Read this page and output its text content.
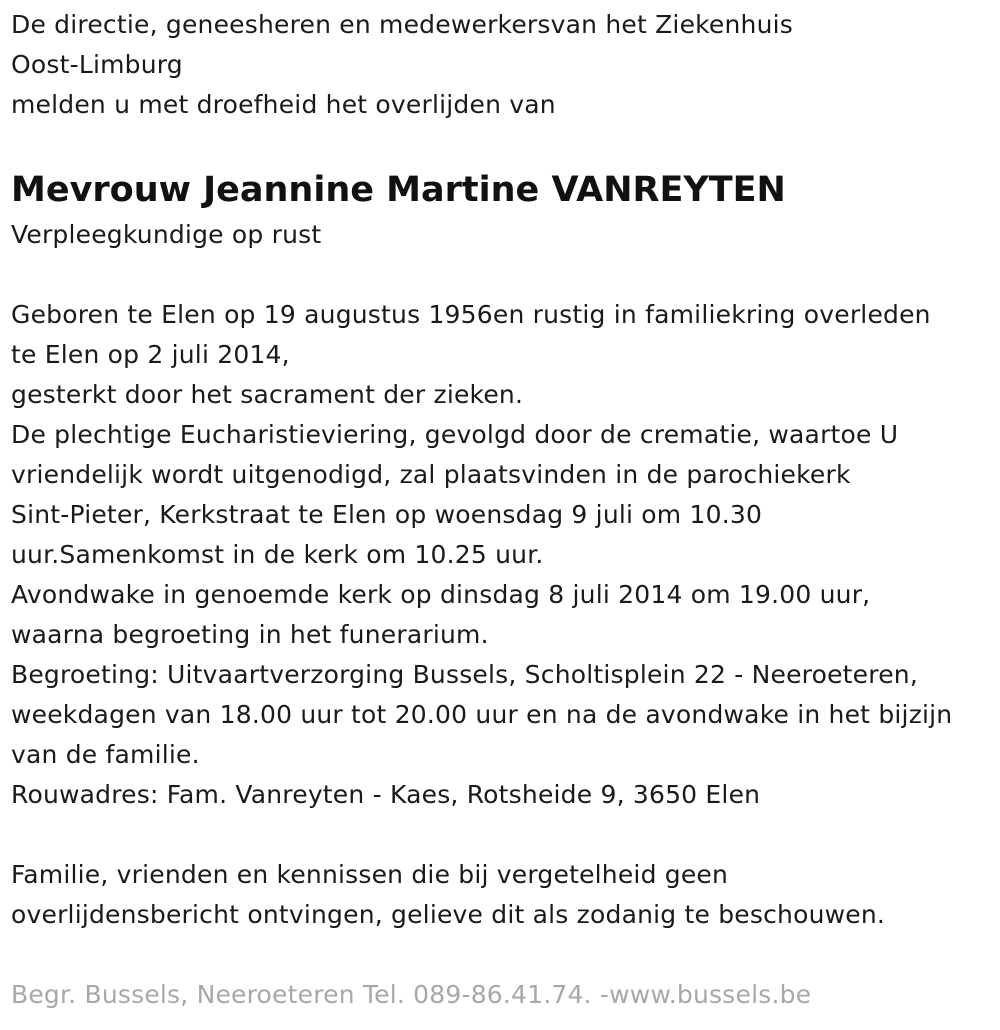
De directie, geneesheren en medewerkersvan het Ziekenhuis
Oost-Limburg
melden u met droefheid het overlijden van
Mevrouw Jeannine Martine VANREYTEN
Verpleegkundige op rust
Geboren te Elen op 19 augustus 1956en rustig in familiekring overleden
te Elen op 2 juli 2014,
gesterkt door het sacrament der zieken.
De plechtige Eucharistieviering, gevolgd door de crematie, waartoe U
vriendelijk wordt uitgenodigd, zal plaatsvinden in de parochiekerk
Sint-Pieter, Kerkstraat te Elen op woensdag 9 juli om 10.30
uur.Samenkomst in de kerk om 10.25 uur.
Avondwake in genoemde kerk op dinsdag 8 juli 2014 om 19.00 uur,
waarna begroeting in het funerarium.
Begroeting: Uitvaartverzorging Bussels, Scholtisplein 22 - Neeroeteren,
weekdagen van 18.00 uur tot 20.00 uur en na de avondwake in het bijzijn
van de familie.
Rouwadres: Fam. Vanreyten - Kaes, Rotsheide 9, 3650 Elen
Familie, vrienden en kennissen die bij vergetelheid geen
overlijdensbericht ontvingen, gelieve dit als zodanig te beschouwen.
Begr. Bussels, Neeroeteren Tel. 089-86.41.74. -www.bussels.be
